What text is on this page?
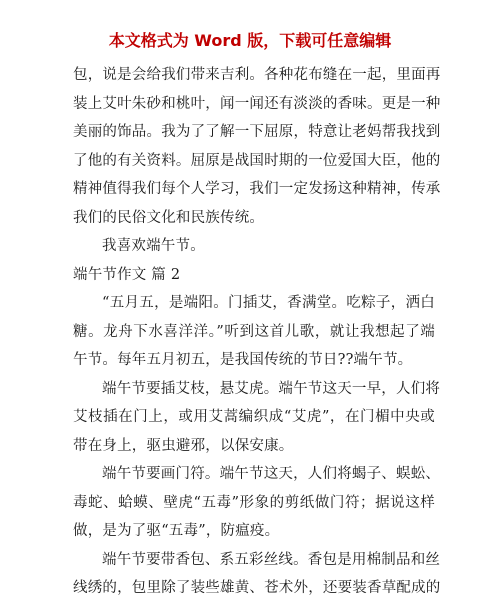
本文格式为 Word 版，下载可任意编辑
包，说是会给我们带来吉利。各种花布缝在一起，里面再
装上艾叶朱砂和桃叶，闻一闻还有淡淡的香味。更是一种
美丽的饰品。我为了了解一下屈原，特意让老妈帮我找到
了他的有关资料。屈原是战国时期的一位爱国大臣，他的
精神值得我们每个人学习，我们一定发扬这种精神，传承
我们的民俗文化和民族传统。
我喜欢端午节。
端午节作文 篇 2
“五月五，是端阳。门插艾，香满堂。吃粽子，洒白
糖。龙舟下水喜洋洋。”听到这首儿歌，就让我想起了端
午节。每年五月初五，是我国传统的节日??端午节。
端午节要插艾枝，悬艾虎。端午节这天一早，人们将
艾枝插在门上，或用艾蒿编织成“艾虎”，在门楣中央或
带在身上，驱虫避邪，以保安康。
端午节要画门符。端午节这天，人们将蝎子、蜈蚣、
毒蛇、蛤蟆、壁虎“五毒”形象的剪纸做门符；据说这样
做，是为了驱“五毒”，防瘟疫。
端午节要带香包、系五彩丝线。香包是用棉制品和丝
线绣的，包里除了装些雄黄、苍术外，还要装香草配成的
